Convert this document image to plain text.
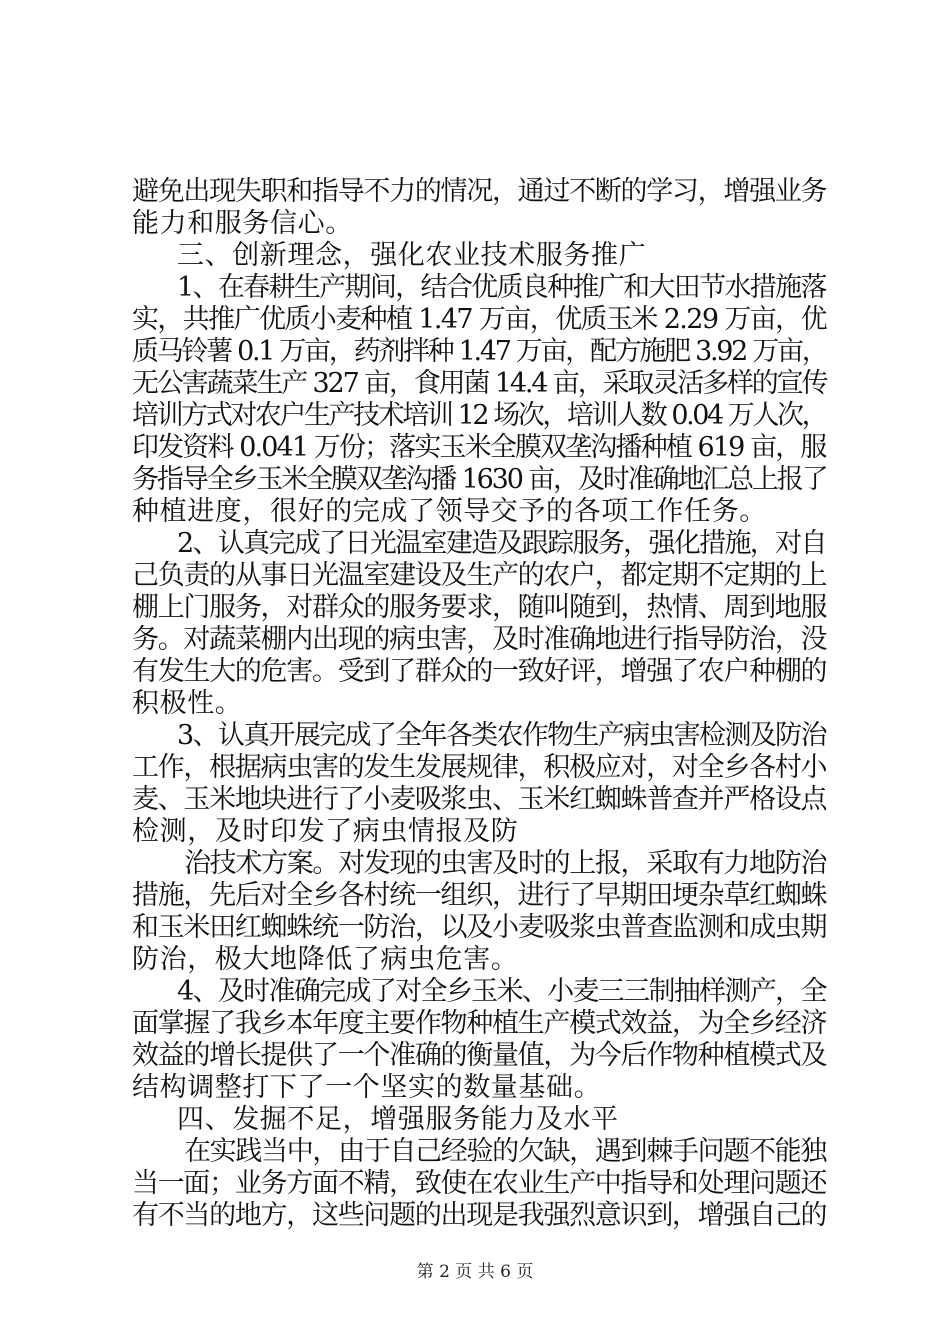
避免出现失职和指导不力的情况，通过不断的学习，增强业务
能力和服务信心。
三、创新理念，强化农业技术服务推广
1、在春耕生产期间，结合优质良种推广和大田节水措施落
实，共推广优质小麦种植 1.47 万亩，优质玉米 2.29 万亩，优
质马铃薯 0.1 万亩，药剂拌种 1.47 万亩，配方施肥 3.92 万亩，
无公害蔬菜生产 327 亩，食用菌 14.4 亩，采取灵活多样的宣传
培训方式对农户生产技术培训 12 场次，培训人数 0.04 万人次，
印发资料 0.041 万份；落实玉米全膜双垄沟播种植 619 亩，服
务指导全乡玉米全膜双垄沟播 1630 亩，及时准确地汇总上报了
种植进度，很好的完成了领导交予的各项工作任务。
2、认真完成了日光温室建造及跟踪服务，强化措施，对自
己负责的从事日光温室建设及生产的农户，都定期不定期的上
棚上门服务，对群众的服务要求，随叫随到，热情、周到地服
务。对蔬菜棚内出现的病虫害，及时准确地进行指导防治，没
有发生大的危害。受到了群众的一致好评，增强了农户种棚的
积极性。
3、认真开展完成了全年各类农作物生产病虫害检测及防治
工作，根据病虫害的发生发展规律，积极应对，对全乡各村小
麦、玉米地块进行了小麦吸浆虫、玉米红蜘蛛普查并严格设点
检测，及时印发了病虫情报及防
治技术方案。对发现的虫害及时的上报，采取有力地防治
措施，先后对全乡各村统一组织，进行了早期田埂杂草红蜘蛛
和玉米田红蜘蛛统一防治，以及小麦吸浆虫普查监测和成虫期
防治，极大地降低了病虫危害。
4、及时准确完成了对全乡玉米、小麦三三制抽样测产，全
面掌握了我乡本年度主要作物种植生产模式效益，为全乡经济
效益的增长提供了一个准确的衡量值，为今后作物种植模式及
结构调整打下了一个坚实的数量基础。
四、发掘不足，增强服务能力及水平
在实践当中，由于自己经验的欠缺，遇到棘手问题不能独
当一面；业务方面不精，致使在农业生产中指导和处理问题还
有不当的地方，这些问题的出现是我强烈意识到，增强自己的
第 2 页 共 6 页
